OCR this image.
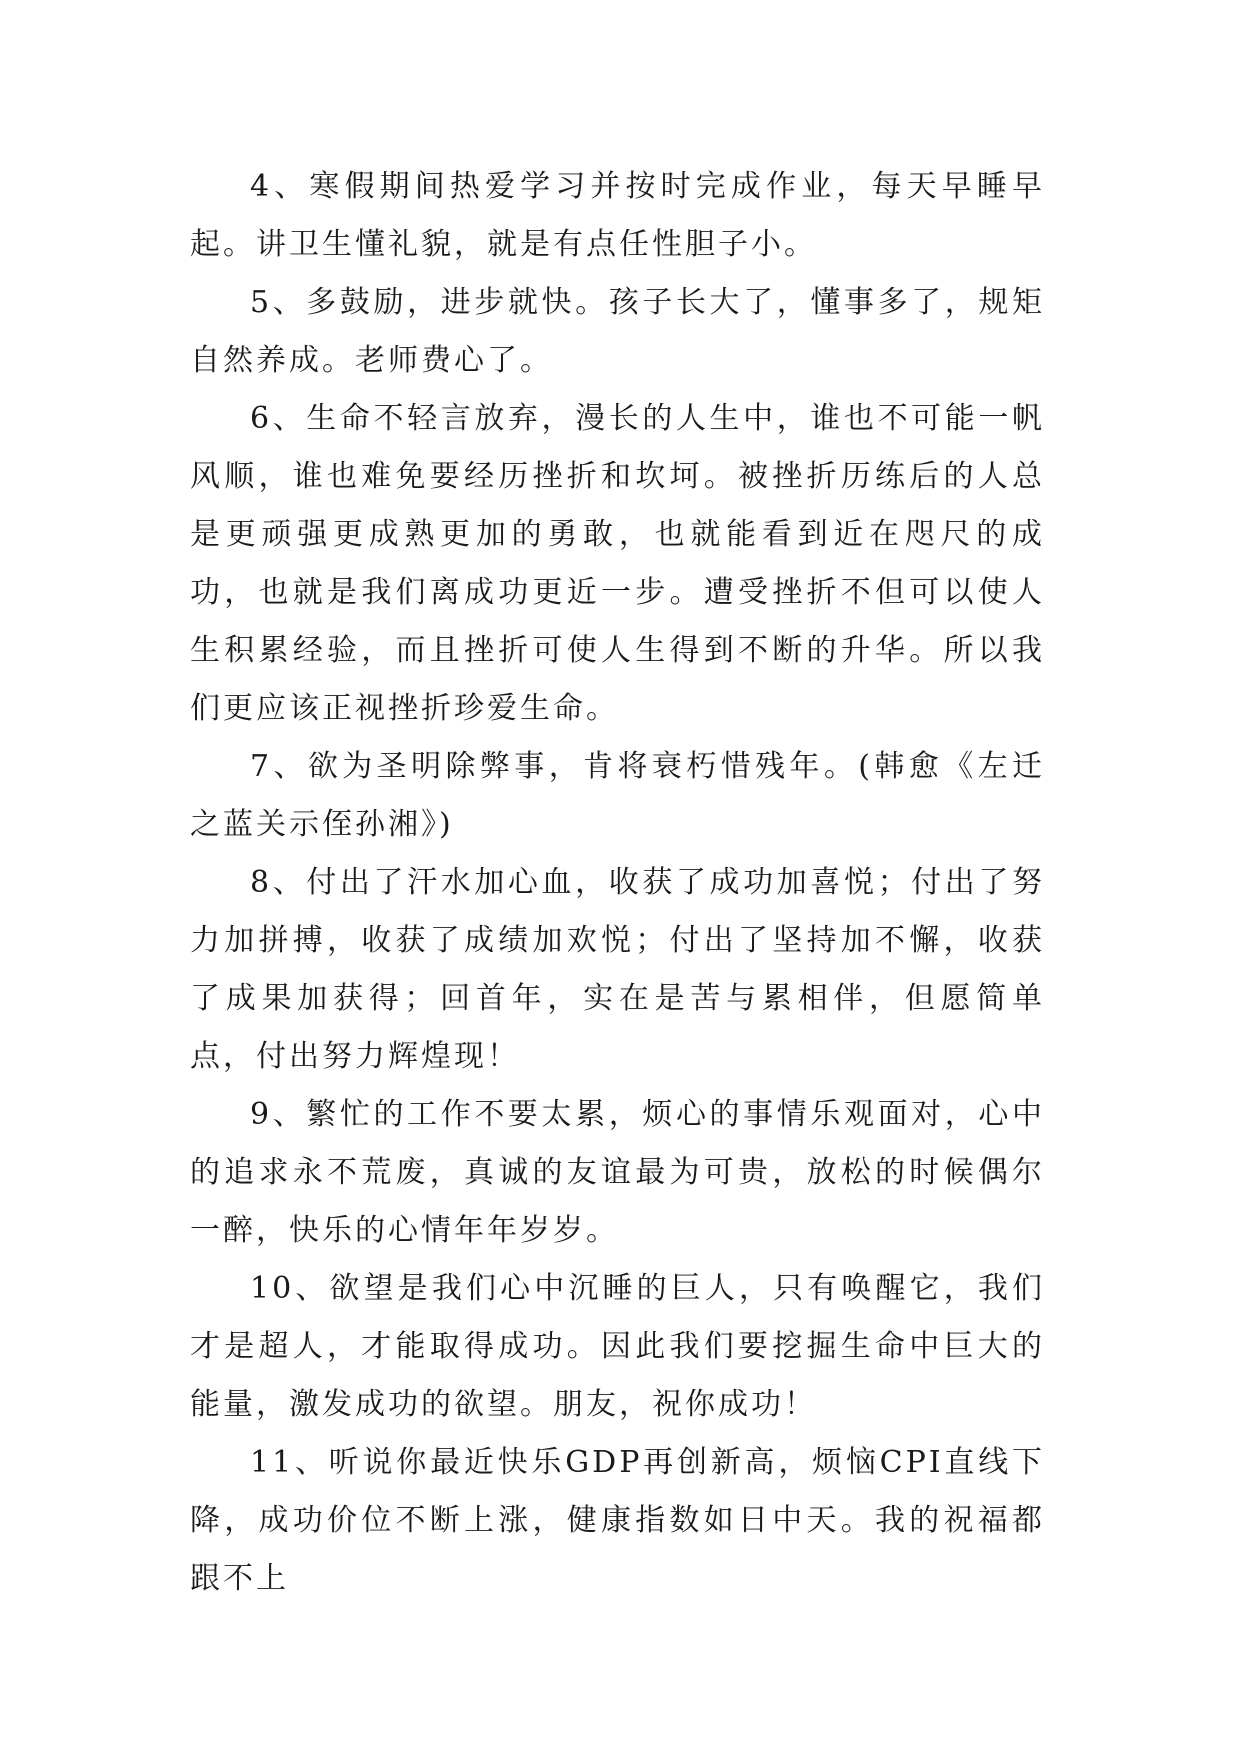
4、寒假期间热爱学习并按时完成作业，每天早睡早起。讲卫生懂礼貌，就是有点任性胆子小。

5、多鼓励，进步就快。孩子长大了，懂事多了，规矩自然养成。老师费心了。

6、生命不轻言放弃，漫长的人生中，谁也不可能一帆风顺，谁也难免要经历挫折和坎坷。被挫折历练后的人总是更顽强更成熟更加的勇敢，也就能看到近在咫尺的成功，也就是我们离成功更近一步。遭受挫折不但可以使人生积累经验，而且挫折可使人生得到不断的升华。所以我们更应该正视挫折珍爱生命。

7、欲为圣明除弊事，肯将衰朽惜残年。(韩愈《左迁之蓝关示侄孙湘》)

8、付出了汗水加心血，收获了成功加喜悦；付出了努力加拼搏，收获了成绩加欢悦；付出了坚持加不懈，收获了成果加获得；回首年，实在是苦与累相伴，但愿简单点，付出努力辉煌现！

9、繁忙的工作不要太累，烦心的事情乐观面对，心中的追求永不荒废，真诚的友谊最为可贵，放松的时候偶尔一醉，快乐的心情年年岁岁。

10、欲望是我们心中沉睡的巨人，只有唤醒它，我们才是超人，才能取得成功。因此我们要挖掘生命中巨大的能量，激发成功的欲望。朋友，祝你成功！

11、听说你最近快乐GDP再创新高，烦恼CPI直线下降，成功价位不断上涨，健康指数如日中天。我的祝福都跟不上
